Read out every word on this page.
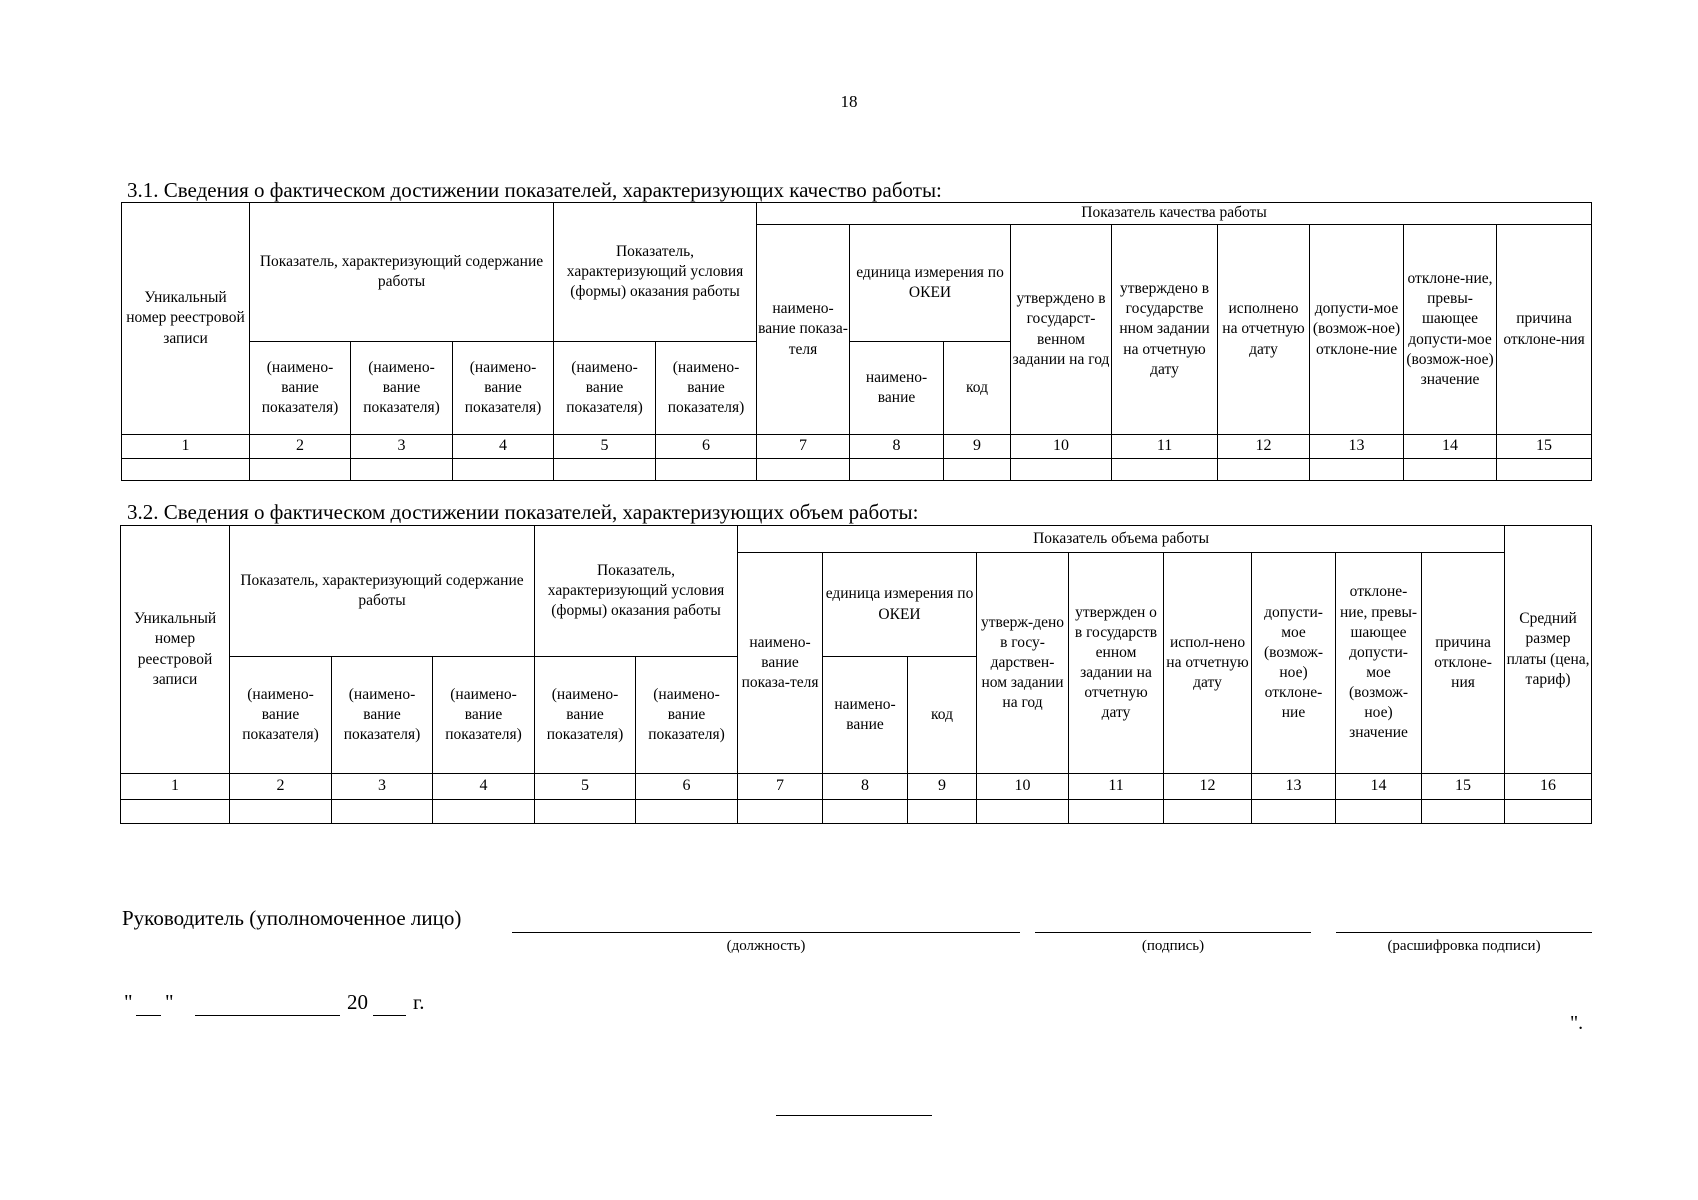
18
3.1. Сведения о фактическом достижении показателей, характеризующих качество работы:
Уникальный номер реестровой записи	Показатель, характеризующий содержание работы			Показатель, характеризующий условия (формы) оказания работы		Показатель качества работы								
						наимено-вание показа-теля	единица измерения по ОКЕИ		утверждено в государст-венном задании на год	утверждено в государстве нном задании на отчетную дату	исполнено на отчетную дату	допусти-мое (возмож-ное) отклоне-ние	отклоне-ние, превы-шающее допусти-мое (возмож-ное) значение	причина отклоне-ния
	(наимено-вание показателя)	(наимено-вание показателя)	(наимено-вание показателя)	(наимено-вание показателя)	(наимено-вание показателя)		наимено-вание	код						
1	2	3	4	5	6	7	8	9	10	11	12	13	14	15

3.2. Сведения о фактическом достижении показателей, характеризующих объем работы:
Уникальный номер реестровой записи	Показатель, характеризующий содержание работы			Показатель, характеризующий условия (формы) оказания работы		Показатель объема работы									Средний размер платы (цена, тариф)
						наимено-вание показа-теля	единица измерения по ОКЕИ		утверж-дено в госу-дарствен-ном задании на год	утвержден о в государств енном задании на отчетную дату	испол-нено на отчетную дату	допусти-мое (возмож-ное) отклоне-ние	отклоне-ние, превы-шающее допусти-мое (возмож-ное) значение	причина отклоне-ния	
	(наимено-вание показателя)	(наимено-вание показателя)	(наимено-вание показателя)	(наимено-вание показателя)	(наимено-вание показателя)		наимено-вание	код							
1	2	3	4	5	6	7	8	9	10	11	12	13	14	15	16

Руководитель (уполномоченное лицо)
(должность)	(подпись)	(расшифровка подписи)
" "	20 г.
".
